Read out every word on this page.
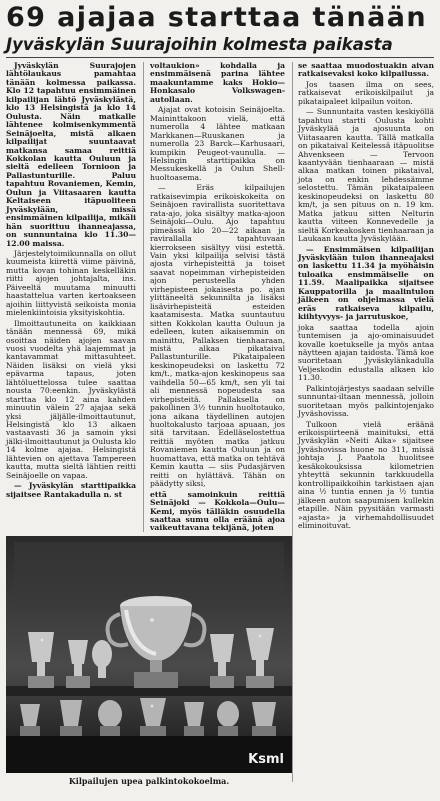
69 ajajaa starttaa tänään
Jyväskylän Suurajoihin kolmesta paikasta

Jyväskylän Suurajojen lähtölaukaus pamahtaa tänään kolmessa paikassa. Klo 12 tapahtuu ensimmäinen kilpailijan lähtö Jyväskylästä, klo 13 Helsingistä ja klo 14 Oulusta. Näin matkalle lähtenee kolmisenkymmentä Seinäjoelta, mistä alkaen kilpailijat suuntaavat matkansa samaa reittiä Kokkolan kautta Ouluun ja sieltä edelleen Tornioon ja Pallastunturille. Paluu tapahtuu Rovaniemen, Kemin, Oulun ja Viitasaaren kautta Keltaiseen itäpuoliteen Jyväskylään, missä ensimmäinen kilpailija, mikäli hän suorittuu ihanneajassa, on sunnuntaina klo 11.30—12.00 maissa.

Järjestelytoimikunnalla on ollut kuumeista kiirettä viime päivinä, mutta kovan tohinan keskelläkin riitti ajojen johtajalta, ins. Päiveeltä muutama minuutti haastattelua varten kertoakseen ajoihin liittyvistä seikoista monia mielenkiintoisia yksityiskohtia.

Ilmoittautuneita on kaikkiaan tänään mennessä 69, mikä osoittaa näiden ajojen saavan vuosi vuodelta yhä laajemmat ja kantavammat mittasuhteet. Näiden lisäksi on vielä yksi epävarma tapaus, joten lähtöluettelossa tulee saattaa nousta 70:eenkin. Jyväskylästä starttaa klo 12 aina kahden minuutin välein 27 ajajaa sekä yksi jäljälle-ilmoittautunut, Helsingistä klo 13 alkaen vastaavasti 36 ja samoin yksi jälki-ilmoittautunut ja Oulusta klo 14 kolme ajajaa. Helsingistä lähtevien on ajettava Tampereen kautta, mutta sieltä lähtien reitti Seinäjoelle on vapaa.

— Jyväskylän starttipaikka sijaitsee Rantakadulla n. st

voltaukion» kohdalla ja ensimmäisenä parina lähtee maakuntamme kaks Hokio—Honkasalo Volkswagen-autollaan.

Ajajat ovat kotoisin Seinäjoelta. Maininttakoon vielä, että numerolla 4 lähtee matkaan Markkanen—Ruuskanen ja numerolla 23 Barck—Karhusaari, kumpikin Peugeot-vaunulla. — Helsingin starttipaikka on Messukeskellä ja Oulun Shell-huoltoasema.

— Eräs kilpailujen ratkaisevimpia erikoiskokeita on Seinäjoen ravirallista suoritettava rata-ajo, joka sisältyy matka-ajoon Seinäjoki—Oulu. Ajo tapahtuu pimeässä klo 20—22 aikaan ja ravirallalla tapahtuvaan kierrokseen sisältyy viisi estettä. Vain yksi kilpailija selvisi tästä ajosta virhepisteittä ja toiset saavat nopeimman virhepisteiden ajon perusteella yhden virhepisteen jokaisesta po. ajan ylittäneeltä sekunnilta ja lisäksi lisävirhepisteitä esteiden kaatamisesta. Matka suuntautuu sitten Kokkolan kautta Ouluun ja edelleen, kuten aikaisemmin on mainittu, Pallaksen tienhaaraan, mistä alkaa pikataival Pallastunturille. Pikataipaleen keskinopeudeksi on laskettu 72 km/t., matka-ajon keskinopeus saa vaihdella 50—65 km/t, sen yli tai ali mennessä nopeudesta saa virhepisteitä. Pallaksella on pakollinen 3½ tunnin huoltotauko, jona aikana täydellinen autojen huoltokalusto tarjoaa apuaan, jos sitä tarvitaan. Edelläselostettua reittiä myöten matka jatkuu Rovaniemen kautta Ouluun ja on huomattava, että matka on tehtävä Kemin kautta — siis Pudasjärven reitti on hylättävä. Tähän on päädytty siksi,

että samoinkuin reittiä Seinäjoki — Kokkola—Oulu—Kemi, myös tälläkin osuudella saattaa sumu olla eräänä ajoa vaikeuttavana tekijänä, joten

se saattaa muodostuakin aivan ratkaisevaksi koko kilpailussa.

Jos taasen ilma on sees, ratkaisevat erikoiskilpailut ja pikataipaleet kilpailun voiton.

— Sunnuntaita vasten keskiyöllä tapahtuu startti Oulusta kohti Jyväskylää ja ajosuunta on Viitasaaren kautta. Tällä matkalla on pikataival Keitelessä itäpuolitse Ahvenkseen — Tervoon kaantyvään tienhaaraan — mistä alkaa matkan toinen pikataival, jota on enkin lehdessämme selostettu. Tämän pikataipaleen keskinopeudeksi on laskettu 80 km/t, ja sen pituus on n. 19 km. Matka jatkuu sitten Nelturin kautta viiteen Konnevedelle ja sieltä Korkeakosken tienhaaraan ja Laukaan kautta Jyväskylään.

— Ensimmäisen kilpailijan Jyväskylään tulon ihanneajaksi on laskettu 11.34 ja myöhäisin tuloaika ensimmäiselle on 11.59. Maalipaikka sijaitsee Kauppatorilla ja maalintulon jälkeen on ohjelmassa vielä eräs ratkaiseva kilpailu, kiihtyvyys- ja jarrutuskoe,

joka saattaa todella ajoin tuntemisen ja ajo-ominaisuudet kovalle koetukselle ja myös antaa näytteen ajajan taidosta. Tämä koe suoritetaan Jyväskylänkadulla Veljeskodin edustalla alkaen klo 11.30.

Palkintojärjestys saadaan selville sunnuntai-iltaan mennessä, jolloin suoritetaan myös palkintojenjako Jyväshovissa.

Tulkoon vielä eräänä erikoispiirteenä mainituksi, että Jyväskylän »Neiti Aika» sijaitsee Jyväshovissa huone no 311, missä johtaja J. Paatola huolitsee kesäkokouksissa kilometrien yhteyttä sekunnin tarkkuudella kontrollipaikkoihin tarkistaen ajan aina ½ tuntia ennen ja ½ tuntia jälkeen auton saapumisen kullekin etapille. Näin pyysitään varmasti »ajasta» ja virhemahdollisuudet eliminoituvat.

Ksml
Kilpailujen upea palkintokokoelma.
